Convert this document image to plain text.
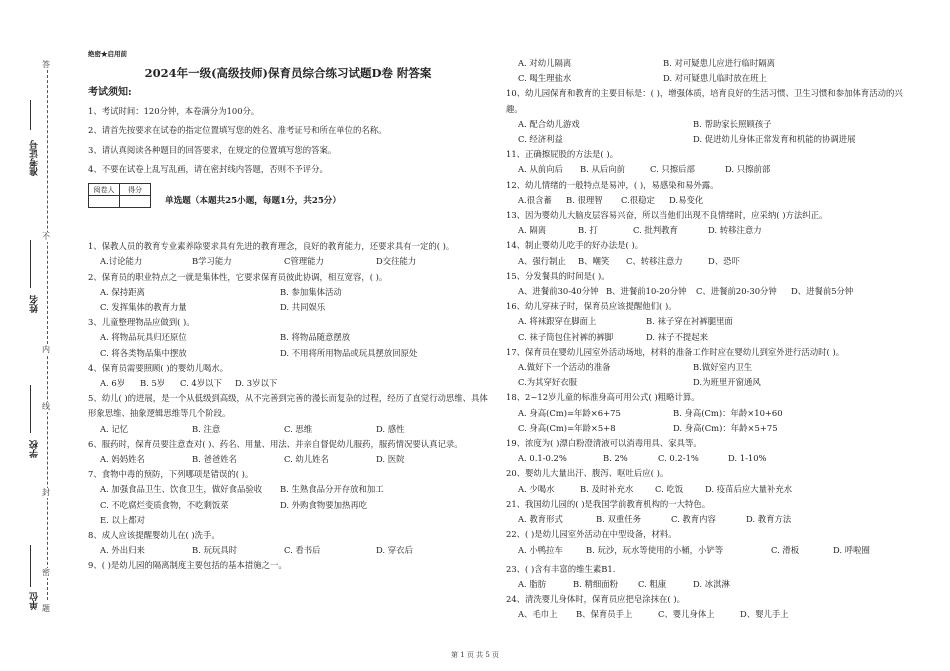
答
不
内
线
封
密
题
准考证号
姓名
学校
单位
绝密★启用前
2024年一级(高级技师)保育员综合练习试题D卷 附答案
考试须知:
1、考试时间：120分钟，本卷满分为100分。
2、请首先按要求在试卷的指定位置填写您的姓名、准考证号和所在单位的名称。
3、请认真阅读各种题目的回答要求，在规定的位置填写您的答案。
4、不要在试卷上乱写乱画，请在密封线内答题，否则不予评分。
阅卷人	得分

单选题（本题共25小题，每题1分，共25分）
1、保教人员的教育专业素养除要求具有先进的教育理念，良好的教育能力，还要求具有一定的( )。
A.讨论能力	B学习能力	C管理能力	D交往能力
2、保育员的职业特点之一就是集体性，它要求保育员彼此协调，相互宽容，( )。
A. 保持距离	B. 参加集体活动
C. 发挥集体的教育力量	D. 共同娱乐
3、儿童整理物品应做到( )。
A. 将物品玩具归还原位	B. 将物品随意摆放
C. 将各类物品集中摆放	D. 不用将所用物品或玩具摆放回原处
4、保育员需要照顾( )的婴幼儿喝水。
A. 6岁	B. 5岁	C. 4岁以下	D. 3岁以下
5、幼儿( )的进展，是一个从低级到高级，从不完善到完善的漫长而复杂的过程，经历了直觉行动思维、具体形象思维、抽象逻辑思维等几个阶段。
A. 记忆	B. 注意	C. 思维	D. 感性
6、服药时，保育员要注意查对( )、药名、用量、用法、并亲自督促幼儿服药，服药情况要认真记录。
A. 妈妈姓名	B. 爸爸姓名	C. 幼儿姓名	D. 医院
7、食物中毒的预防，下列哪项是错误的( )。
A. 加强食品卫生、饮食卫生，做好食品验收	B. 生熟食品分开存放和加工
C. 不吃腐烂变质食物，不吃剩饭菜	D. 外购食物要加热再吃
E. 以上都对
8、成人应该提醒婴幼儿在( )洗手。
A. 外出归来	B. 玩玩具时	C. 看书后	D. 穿衣后
9、( )是幼儿园的隔离制度主要包括的基本措施之一。
A. 对幼儿隔离	B. 对可疑患儿应进行临时隔离
C. 喝生理盐水	D. 对可疑患儿临时放在班上
10、幼儿园保育和教育的主要目标是：( )，增强体质，培育良好的生活习惯、卫生习惯和参加体育活动的兴趣。
A. 配合幼儿游戏	B. 帮助家长照顾孩子
C. 经济利益	D. 促进幼儿身体正常发育和机能的协调进展
11、正确擦屁股的方法是( )。
A. 从前向后	B. 从后向前	C. 只擦后部	D. 只擦前部
12、幼儿情绪的一般特点是易冲，( )，易感染和易外露。
A.很含蓄	B. 很理智	C.很稳定	D.易变化
13、因为婴幼儿大脑皮层容易兴奋，所以当他们出现不良情绪时，应采纳( )方法纠正。
A. 隔离	B. 打	C. 批判教育	D. 转移注意力
14、制止婴幼儿吃手的好办法是( )。
A、强行制止	B、嘲笑	C、转移注意力	D、恐吓
15、分发餐具的时间是( )。
A、进餐前30-40分钟 B、进餐前10-20分钟	C、进餐前20-30分钟	D、进餐前5分钟
16、幼儿穿袜子时，保育员应该提醒他们( )。
A. 将袜跟穿在脚面上	B. 袜子穿在衬裤腿里面
C. 袜子筒包住衬裤的裤脚	D. 袜子不提起来
17、保育员在婴幼儿园室外活动场地，材料的准备工作时应在婴幼儿到室外进行活动时( )。
A.做好下一个活动的准备	B.做好室内卫生
C.为其穿好衣服	D.为班里开窗通风
18、2~12岁儿童的标准身高可用公式( )粗略计算。
A. 身高(Cm)=年龄×6+75	B. 身高(Cm)：年龄×10+60
C. 身高(Cm)=年龄×5+8	D. 身高(Cm)：年龄×5+75
19、浓度为( )漂白粉澄清液可以消毒用具、家具等。
A. 0.1-0.2%	B. 2%	C. 0.2-1%	D. 1-10%
20、婴幼儿大量出汗、腹泻、呕吐后应( )。
A. 少喝水	B. 及时补充水	C. 吃饭	D. 疫苗后应大量补充水
21、我国幼儿园的( )是我国学前教育机构的一大特色。
A. 教育形式	B. 双重任务	C. 教育内容	D. 教育方法
22、( )是幼儿园室外活动在中型设备，材料。
A. 小鸭拉车	B. 玩沙，玩水等使用的小桶，小铲等	C. 滑板	D. 呼啦圈
23、( )含有丰富的维生素B1.
A. 脂肪	B. 精细面粉	C. 粗康	D. 冰淇淋
24、清洗婴儿身体时，保育员应把皂涂抹在( )。
A、毛巾上	B、保育员手上	C、婴儿身体上	D、婴儿手上
第 1 页 共 5 页
